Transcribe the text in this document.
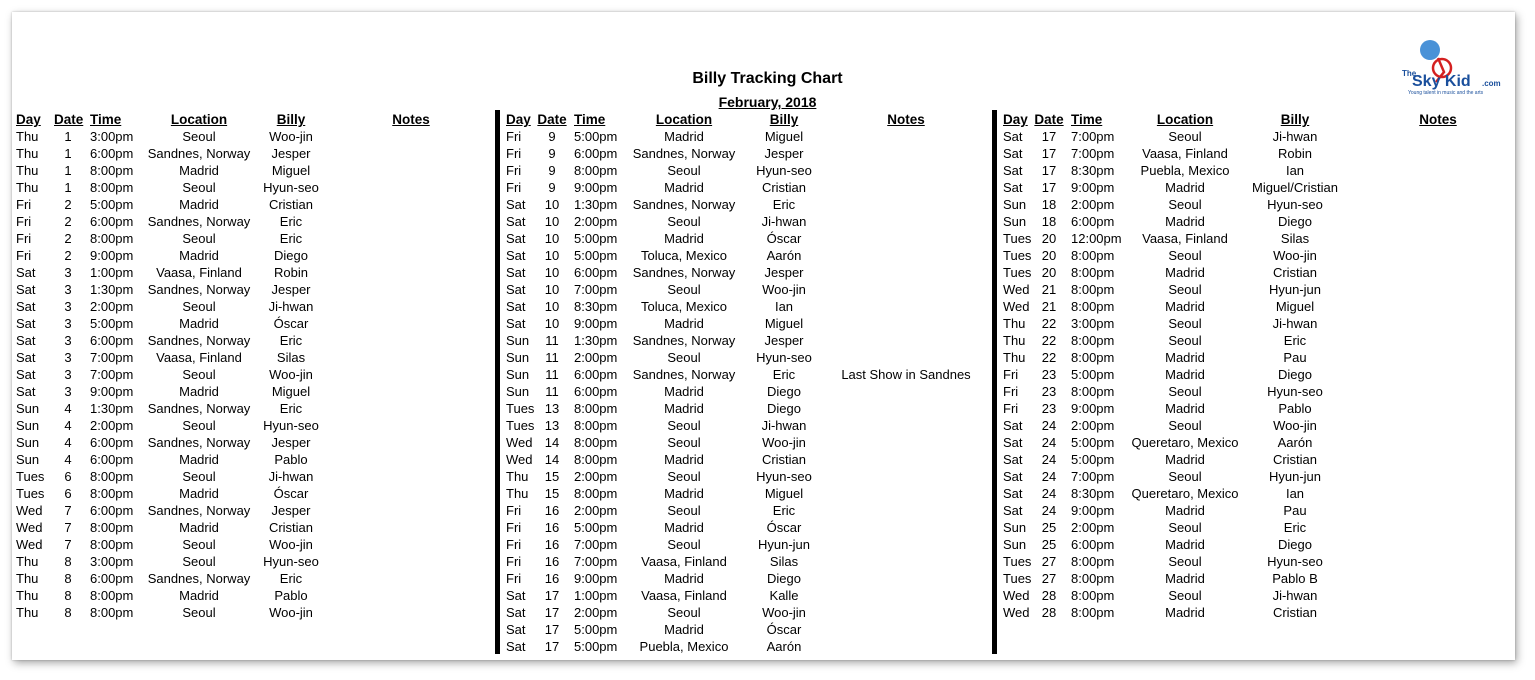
Billy Tracking Chart
February, 2018
The
Sky Kid .com
Young talent in music and the arts
Day Date Time	Location	Billy	Notes
Thu	1	3:00pm	Seoul	Woo-jin
Thu	1	6:00pm	Sandnes, Norway	Jesper
Thu	1	8:00pm	Madrid	Miguel
Thu	1	8:00pm	Seoul	Hyun-seo
Fri	2	5:00pm	Madrid	Cristian
Fri	2	6:00pm	Sandnes, Norway	Eric
Fri	2	8:00pm	Seoul	Eric
Fri	2	9:00pm	Madrid	Diego
Sat	3	1:00pm	Vaasa, Finland	Robin
Sat	3	1:30pm	Sandnes, Norway	Jesper
Sat	3	2:00pm	Seoul	Ji-hwan
Sat	3	5:00pm	Madrid	Óscar
Sat	3	6:00pm	Sandnes, Norway	Eric
Sat	3	7:00pm	Vaasa, Finland	Silas
Sat	3	7:00pm	Seoul	Woo-jin
Sat	3	9:00pm	Madrid	Miguel
Sun	4	1:30pm	Sandnes, Norway	Eric
Sun	4	2:00pm	Seoul	Hyun-seo
Sun	4	6:00pm	Sandnes, Norway	Jesper
Sun	4	6:00pm	Madrid	Pablo
Tues	6	8:00pm	Seoul	Ji-hwan
Tues	6	8:00pm	Madrid	Óscar
Wed	7	6:00pm	Sandnes, Norway	Jesper
Wed	7	8:00pm	Madrid	Cristian
Wed	7	8:00pm	Seoul	Woo-jin
Thu	8	3:00pm	Seoul	Hyun-seo
Thu	8	6:00pm	Sandnes, Norway	Eric
Thu	8	8:00pm	Madrid	Pablo
Thu	8	8:00pm	Seoul	Woo-jin
Day Date Time	Location	Billy	Notes
Fri	9	5:00pm	Madrid	Miguel
Fri	9	6:00pm	Sandnes, Norway	Jesper
Fri	9	8:00pm	Seoul	Hyun-seo
Fri	9	9:00pm	Madrid	Cristian
Sat	10	1:30pm	Sandnes, Norway	Eric
Sat	10	2:00pm	Seoul	Ji-hwan
Sat	10	5:00pm	Madrid	Óscar
Sat	10	5:00pm	Toluca, Mexico	Aarón
Sat	10	6:00pm	Sandnes, Norway	Jesper
Sat	10	7:00pm	Seoul	Woo-jin
Sat	10	8:30pm	Toluca, Mexico	Ian
Sat	10	9:00pm	Madrid	Miguel
Sun	11	1:30pm	Sandnes, Norway	Jesper
Sun	11	2:00pm	Seoul	Hyun-seo
Sun	11	6:00pm	Sandnes, Norway	Eric	Last Show in Sandnes
Sun	11	6:00pm	Madrid	Diego
Tues 13	8:00pm	Madrid	Diego
Tues 13	8:00pm	Seoul	Ji-hwan
Wed 14	8:00pm	Seoul	Woo-jin
Wed 14	8:00pm	Madrid	Cristian
Thu	15	2:00pm	Seoul	Hyun-seo
Thu	15	8:00pm	Madrid	Miguel
Fri	16	2:00pm	Seoul	Eric
Fri	16	5:00pm	Madrid	Óscar
Fri	16	7:00pm	Seoul	Hyun-jun
Fri	16	7:00pm	Vaasa, Finland	Silas
Fri	16	9:00pm	Madrid	Diego
Sat	17	1:00pm	Vaasa, Finland	Kalle
Sat	17	2:00pm	Seoul	Woo-jin
Sat	17	5:00pm	Madrid	Óscar
Sat	17	5:00pm	Puebla, Mexico	Aarón
Day Date Time	Location	Billy	Notes
Sat	17	7:00pm	Seoul	Ji-hwan
Sat	17	7:00pm	Vaasa, Finland	Robin
Sat	17	8:30pm	Puebla, Mexico	Ian
Sat	17	9:00pm	Madrid	Miguel/Cristian
Sun	18	2:00pm	Seoul	Hyun-seo
Sun	18	6:00pm	Madrid	Diego
Tues 20	12:00pm	Vaasa, Finland	Silas
Tues 20	8:00pm	Seoul	Woo-jin
Tues 20	8:00pm	Madrid	Cristian
Wed 21	8:00pm	Seoul	Hyun-jun
Wed 21	8:00pm	Madrid	Miguel
Thu	22	3:00pm	Seoul	Ji-hwan
Thu	22	8:00pm	Seoul	Eric
Thu	22	8:00pm	Madrid	Pau
Fri	23	5:00pm	Madrid	Diego
Fri	23	8:00pm	Seoul	Hyun-seo
Fri	23	9:00pm	Madrid	Pablo
Sat	24	2:00pm	Seoul	Woo-jin
Sat	24	5:00pm	Queretaro, Mexico	Aarón
Sat	24	5:00pm	Madrid	Cristian
Sat	24	7:00pm	Seoul	Hyun-jun
Sat	24	8:30pm	Queretaro, Mexico	Ian
Sat	24	9:00pm	Madrid	Pau
Sun	25	2:00pm	Seoul	Eric
Sun	25	6:00pm	Madrid	Diego
Tues 27	8:00pm	Seoul	Hyun-seo
Tues 27	8:00pm	Madrid	Pablo B
Wed 28	8:00pm	Seoul	Ji-hwan
Wed 28	8:00pm	Madrid	Cristian
